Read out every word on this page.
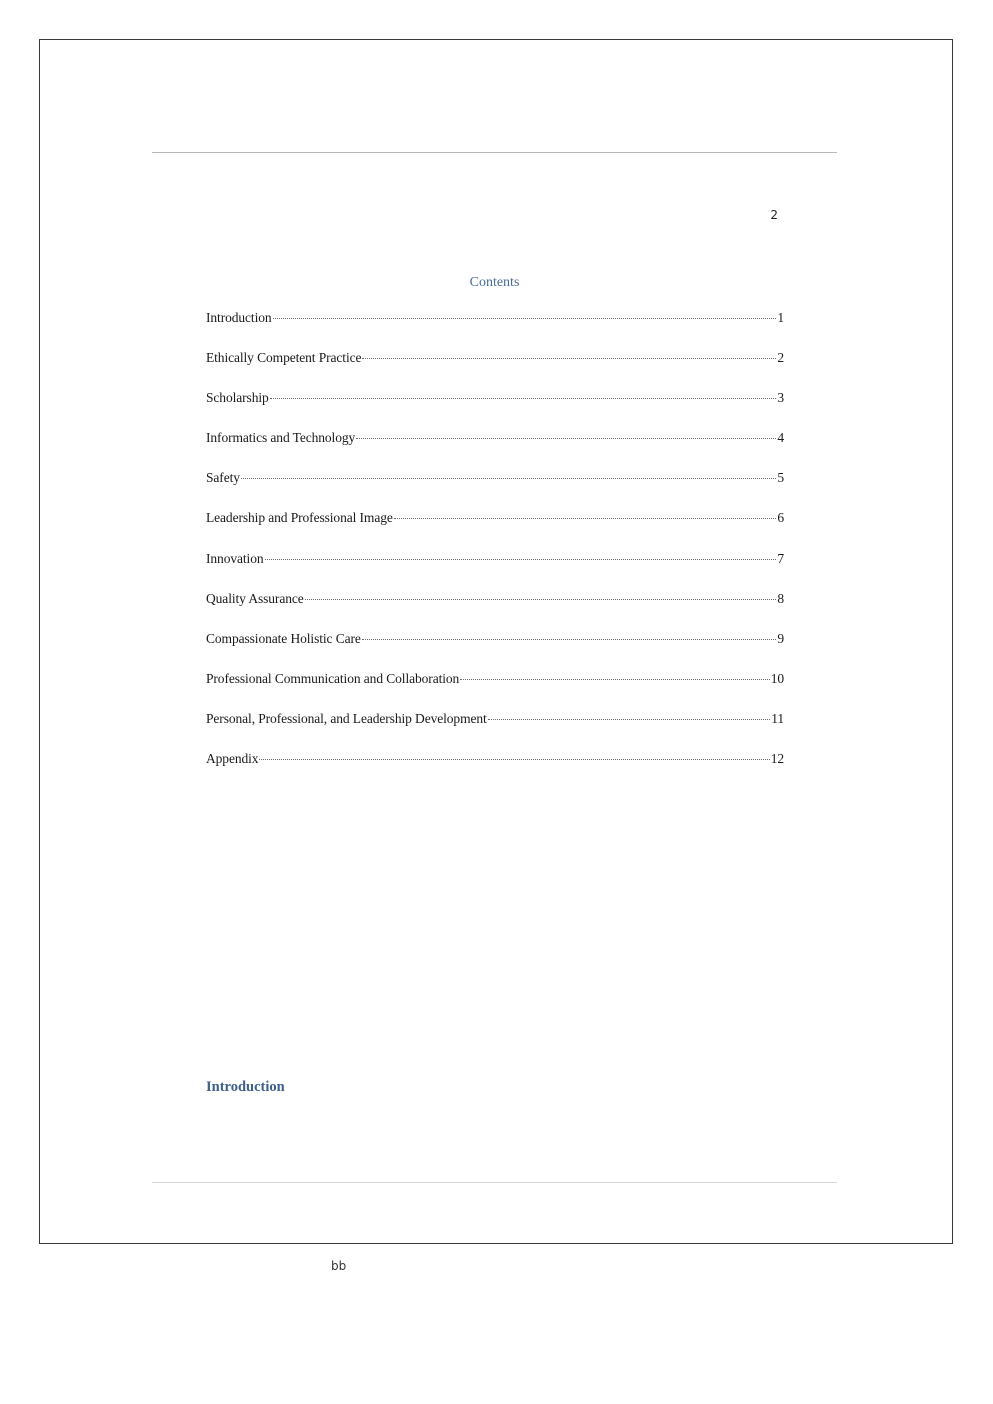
2
Contents
Introduction	1
Ethically Competent Practice	2
Scholarship	3
Informatics and Technology	4
Safety	5
Leadership and Professional Image	6
Innovation	7
Quality Assurance	8
Compassionate Holistic Care	9
Professional Communication and Collaboration	10
Personal, Professional, and Leadership Development	11
Appendix	12
Introduction
bb
